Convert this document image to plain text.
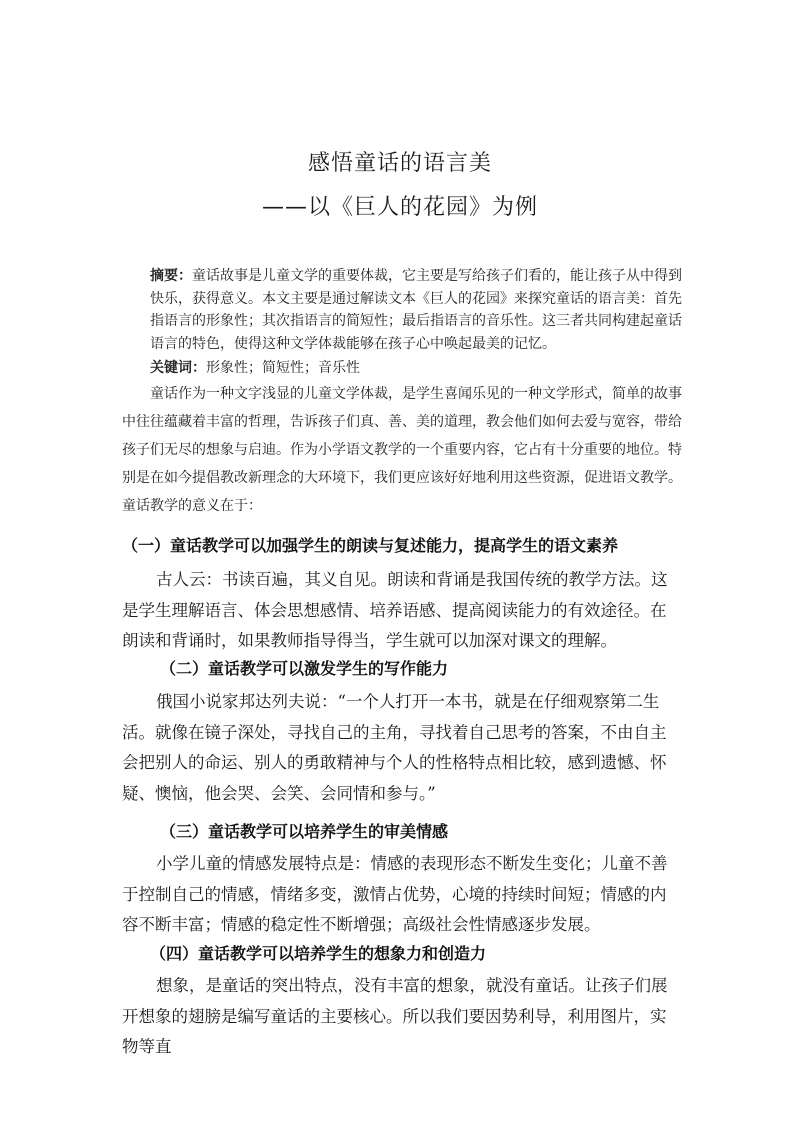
感悟童话的语言美
——以《巨人的花园》为例
摘要：童话故事是儿童文学的重要体裁，它主要是写给孩子们看的，能让孩子从中得到快乐，获得意义。本文主要是通过解读文本《巨人的花园》来探究童话的语言美：首先指语言的形象性；其次指语言的简短性；最后指语言的音乐性。这三者共同构建起童话语言的特色，使得这种文学体裁能够在孩子心中唤起最美的记忆。
关键词：形象性；简短性；音乐性

童话作为一种文字浅显的儿童文学体裁，是学生喜闻乐见的一种文学形式，简单的故事中往往蕴藏着丰富的哲理，告诉孩子们真、善、美的道理，教会他们如何去爱与宽容，带给孩子们无尽的想象与启迪。作为小学语文教学的一个重要内容，它占有十分重要的地位。特别是在如今提倡教改新理念的大环境下，我们更应该好好地利用这些资源，促进语文教学。童话教学的意义在于：

（一）童话教学可以加强学生的朗读与复述能力，提高学生的语文素养

古人云：书读百遍，其义自见。朗读和背诵是我国传统的教学方法。这是学生理解语言、体会思想感情、培养语感、提高阅读能力的有效途径。在朗读和背诵时，如果教师指导得当，学生就可以加深对课文的理解。

（二）童话教学可以激发学生的写作能力

俄国小说家邦达列夫说：“一个人打开一本书，就是在仔细观察第二生活。就像在镜子深处，寻找自己的主角，寻找着自己思考的答案，不由自主会把别人的命运、别人的勇敢精神与个人的性格特点相比较，感到遗憾、怀疑、懊恼，他会哭、会笑、会同情和参与。”

（三）童话教学可以培养学生的审美情感

小学儿童的情感发展特点是：情感的表现形态不断发生变化；儿童不善于控制自己的情感，情绪多变，激情占优势，心境的持续时间短；情感的内容不断丰富；情感的稳定性不断增强；高级社会性情感逐步发展。

（四）童话教学可以培养学生的想象力和创造力

想象，是童话的突出特点，没有丰富的想象，就没有童话。让孩子们展开想象的翅膀是编写童话的主要核心。所以我们要因势利导，利用图片，实物等直
